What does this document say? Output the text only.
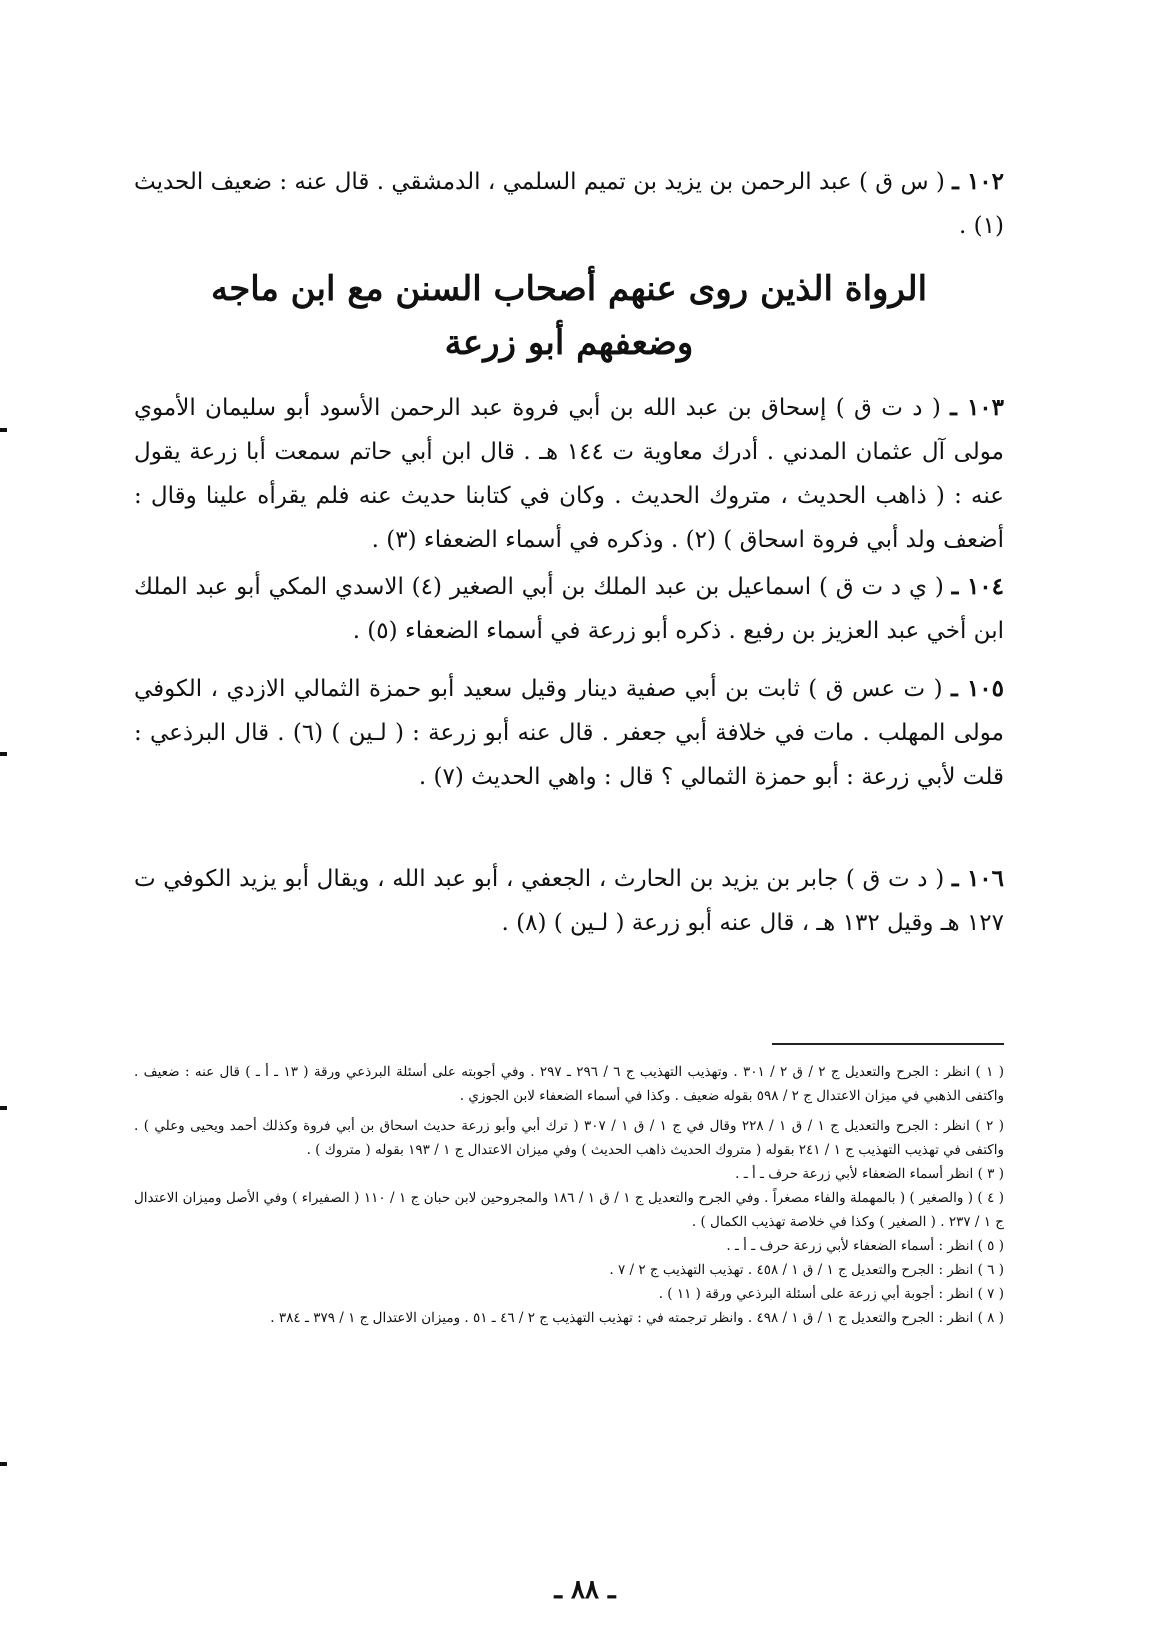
١٠٢ ـ ( س ق ) عبد الرحمن بن يزيد بن تميم السلمي ، الدمشقي . قال عنه : ضعيف الحديث (١) .
الرواة الذين روى عنهم أصحاب السنن مع ابن ماجه
وضعفهم أبو زرعة
١٠٣ ـ ( د ت ق ) إسحاق بن عبد الله بن أبي فروة عبد الرحمن الأسود أبو سليمان الأموي مولى آل عثمان المدني . أدرك معاوية ت ١٤٤ هـ . قال ابن أبي حاتم سمعت أبا زرعة يقول عنه : ( ذاهب الحديث ، متروك الحديث . وكان في كتابنا حديث عنه فلم يقرأه علينا وقال : أضعف ولد أبي فروة اسحاق ) (٢) . وذكره في أسماء الضعفاء (٣) .
١٠٤ ـ ( ي د ت ق ) اسماعيل بن عبد الملك بن أبي الصغير (٤) الاسدي المكي أبو عبد الملك ابن أخي عبد العزيز بن رفيع . ذكره أبو زرعة في أسماء الضعفاء (٥) .
١٠٥ ـ ( ت عس ق ) ثابت بن أبي صفية دينار وقيل سعيد أبو حمزة الثمالي الازدي ، الكوفي مولى المهلب . مات في خلافة أبي جعفر . قال عنه أبو زرعة : ( لـين ) (٦) . قال البرذعي : قلت لأبي زرعة : أبو حمزة الثمالي ؟ قال : واهي الحديث (٧) .
١٠٦ ـ ( د ت ق ) جابر بن يزيد بن الحارث ، الجعفي ، أبو عبد الله ، ويقال أبو يزيد الكوفي ت ١٢٧ هـ وقيل ١٣٢ هـ ، قال عنه أبو زرعة ( لـين ) (٨) .

( ١ ) انظر : الجرح والتعديل ج ٢ / ق ٢ / ٣٠١ . وتهذيب التهذيب ج ٦ / ٢٩٦ ـ ٢٩٧ . وفي أجوبته على أسئلة البرذعي ورقة ( ١٣ ـ أ ـ ) قال عنه : ضعيف . واكتفى الذهبي في ميزان الاعتدال ج ٢ / ٥٩٨ بقوله ضعيف . وكذا في أسماء الضعفاء لابن الجوزي .

( ٢ ) انظر : الجرح والتعديل ج ١ / ق ١ / ٢٢٨ وقال في ج ١ / ق ١ / ٣٠٧ ( ترك أبي وأبو زرعة حديث اسحاق بن أبي فروة وكذلك أحمد ويحيى وعلي ) . واكتفى في تهذيب التهذيب ج ١ / ٢٤١ بقوله ( متروك الحديث ذاهب الحديث ) وفي ميزان الاعتدال ج ١ / ١٩٣ بقوله ( متروك ) .

( ٣ ) انظر أسماء الضعفاء لأبي زرعة حرف ـ أ ـ .

( ٤ ) ( والصغير ) ( بالمهملة والفاء مصغراً . وفي الجرح والتعديل ج ١ / ق ١ / ١٨٦ والمجروحين لابن حبان ج ١ / ١١٠ ( الصفيراء ) وفي الأصل وميزان الاعتدال ج ١ / ٢٣٧ . ( الصغير ) وكذا في خلاصة تهذيب الكمال ) .

( ٥ ) انظر : أسماء الضعفاء لأبي زرعة حرف ـ أ ـ .

( ٦ ) انظر : الجرح والتعديل ج ١ / ق ١ / ٤٥٨ . تهذيب التهذيب ج ٢ / ٧ .

( ٧ ) انظر : أجوبة أبي زرعة على أسئلة البرذعي ورقة ( ١١ ) .

( ٨ ) انظر : الجرح والتعديل ج ١ / ق ١ / ٤٩٨ . وانظر ترجمته في : تهذيب التهذيب ج ٢ / ٤٦ ـ ٥١ . وميزان الاعتدال ج ١ / ٣٧٩ ـ ٣٨٤ .

ـ ٨٨ ـ
